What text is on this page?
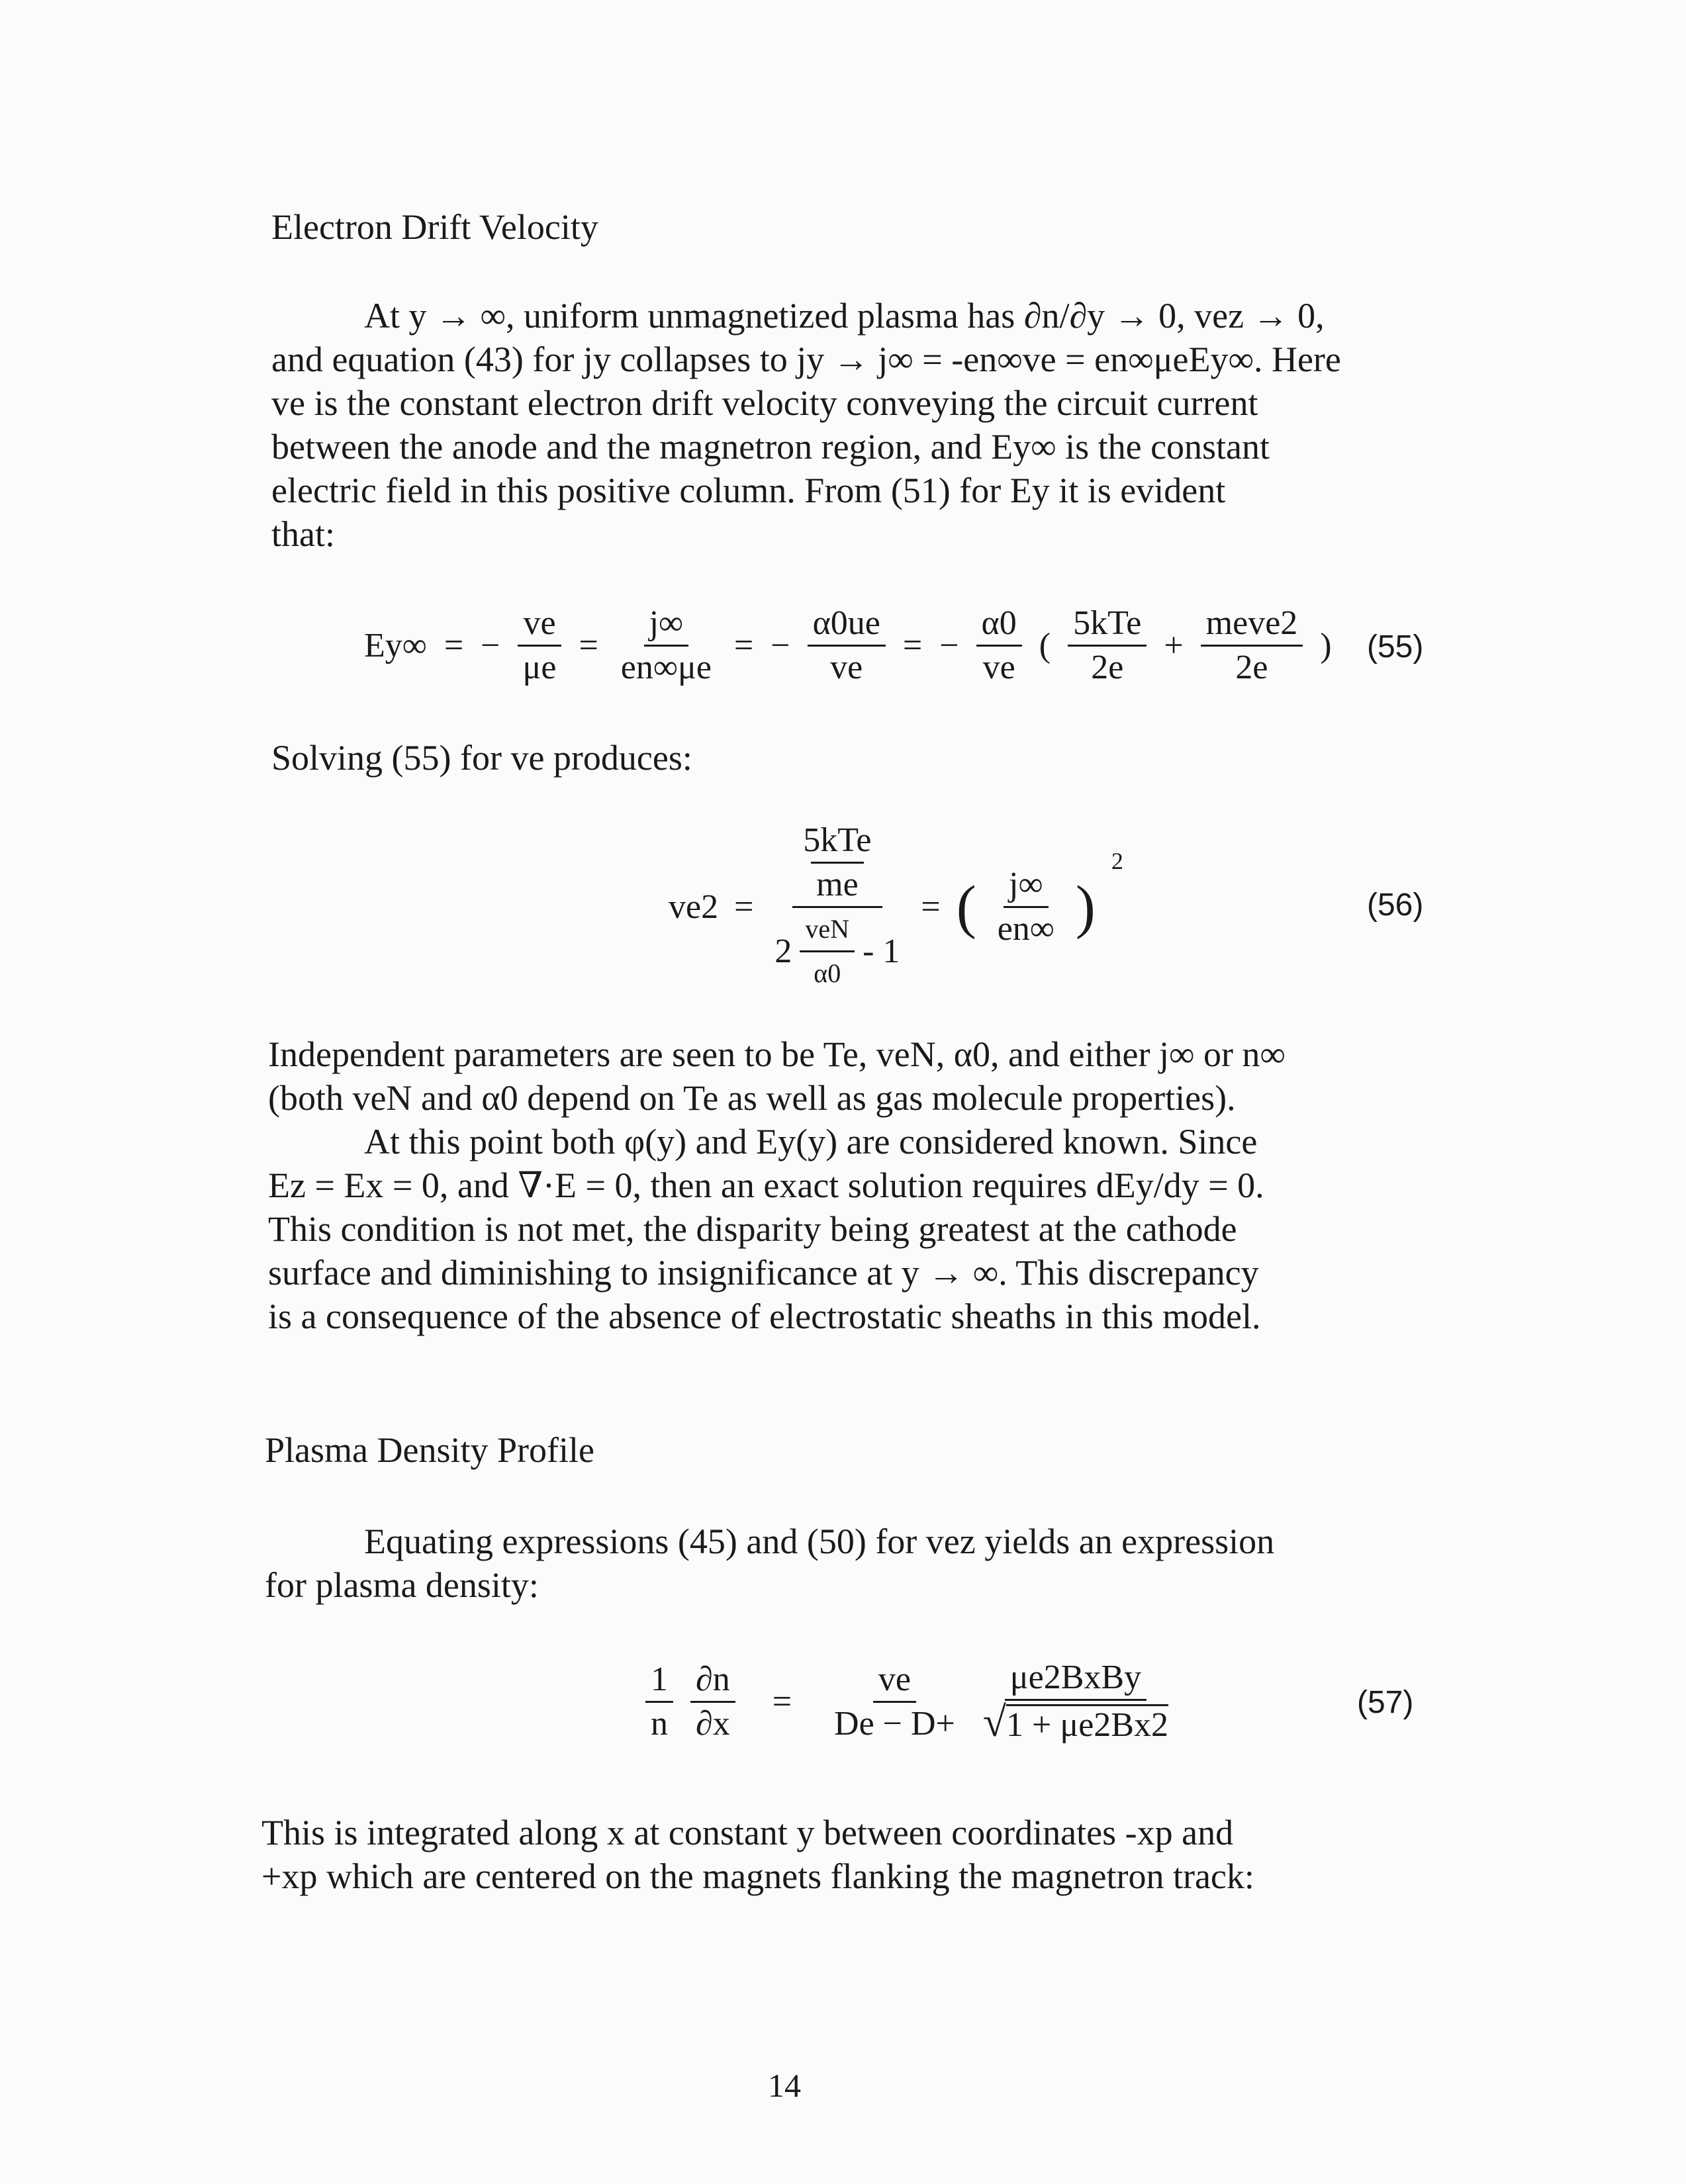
Electron Drift Velocity
At y → ∞, uniform unmagnetized plasma has ∂n/∂y → 0, vez → 0,
and equation (43) for jy collapses to jy → j∞ = -en∞ve = en∞μeEy∞. Here
ve is the constant electron drift velocity conveying the circuit current
between the anode and the magnetron region, and Ey∞ is the constant
electric field in this positive column. From (51) for Ey it is evident
that:
Ey∞ = − $\frac{ve}{\mu e} = \frac{j\infty}{en\infty\mu e}$ = − $\frac{\alpha 0ue}{ve}$ = − $\frac{\alpha 0}{ve}$ ( $\frac{\text{5kTe}}{2e} + \frac{\text{meve2}}{2e}$ ) (55)
Solving (55) for ve produces:
$ve2 = \frac{\frac{\text{5kTe}}{me}}{2 \frac{\text{veN}}{\alpha 0} - 1}$ = ( $\frac{j\infty}{en\infty}$ )
2
(56)
Independent parameters are seen to be Te, veN, α0, and either j∞ or n∞
(both veN and α0 depend on Te as well as gas molecule properties).
At this point both φ(y) and Ey(y) are considered known. Since
Ez = Ex = 0, and ∇·E = 0, then an exact solution requires dEy/dy = 0.
This condition is not met, the disparity being greatest at the cathode
surface and diminishing to insignificance at y → ∞. This discrepancy
is a consequence of the absence of electrostatic sheaths in this model.
Plasma Density Profile
Equating expressions (45) and (50) for vez yields an expression
for plasma density:
$\frac{1}{n} \frac{\partial n}{\partial x} = \frac{ve}{De - D+} \frac{\text{μe2BxBy}}{√1 + \mu e2Bx2}$	(57)
This is integrated along x at constant y between coordinates -xp and
+xp which are centered on the magnets flanking the magnetron track:
14
